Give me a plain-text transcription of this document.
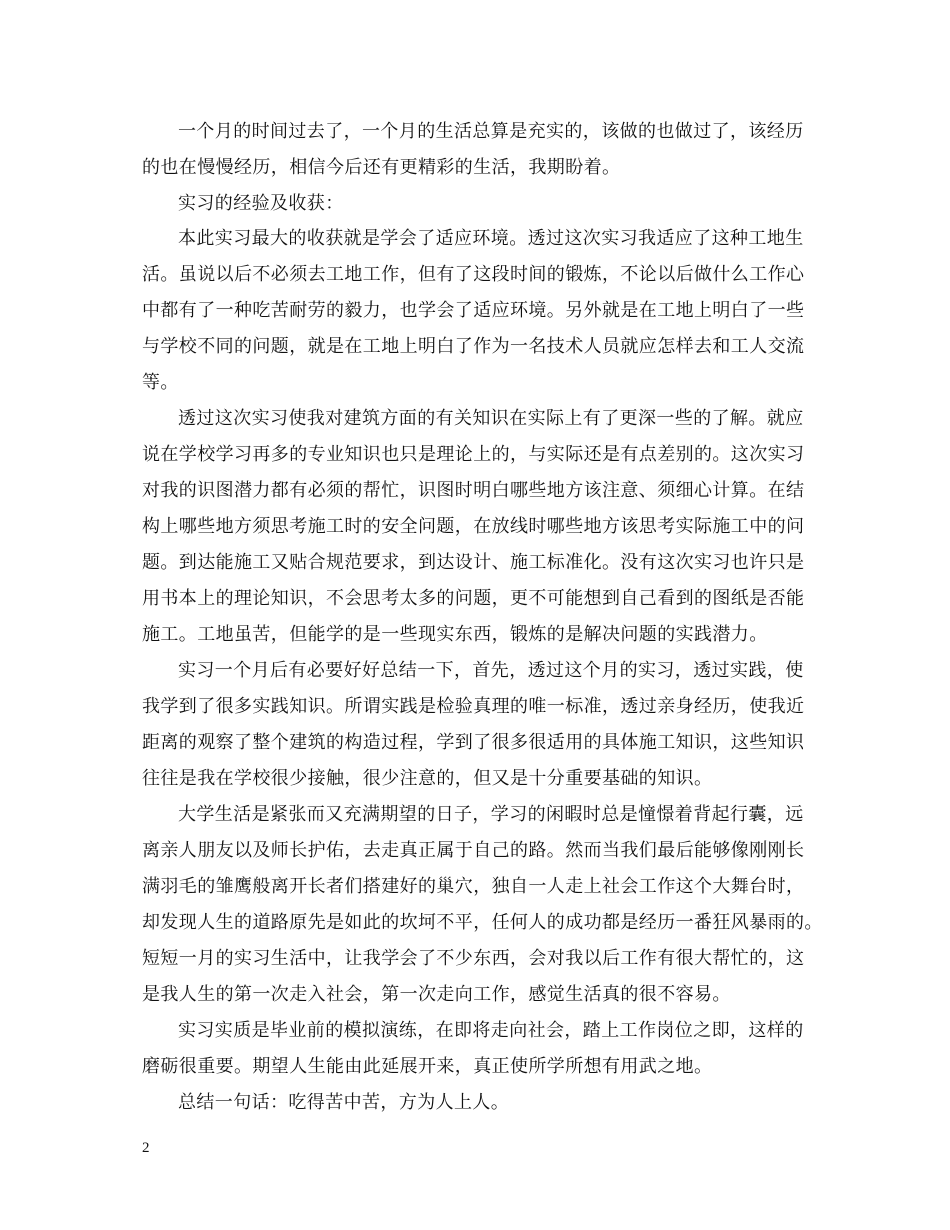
一个月的时间过去了，一个月的生活总算是充实的，该做的也做过了，该经历
的也在慢慢经历，相信今后还有更精彩的生活，我期盼着。
实习的经验及收获：
本此实习最大的收获就是学会了适应环境。透过这次实习我适应了这种工地生
活。虽说以后不必须去工地工作，但有了这段时间的锻炼，不论以后做什么工作心
中都有了一种吃苦耐劳的毅力，也学会了适应环境。另外就是在工地上明白了一些
与学校不同的问题，就是在工地上明白了作为一名技术人员就应怎样去和工人交流
等。
透过这次实习使我对建筑方面的有关知识在实际上有了更深一些的了解。就应
说在学校学习再多的专业知识也只是理论上的，与实际还是有点差别的。这次实习
对我的识图潜力都有必须的帮忙，识图时明白哪些地方该注意、须细心计算。在结
构上哪些地方须思考施工时的安全问题，在放线时哪些地方该思考实际施工中的问
题。到达能施工又贴合规范要求，到达设计、施工标准化。没有这次实习也许只是
用书本上的理论知识，不会思考太多的问题，更不可能想到自己看到的图纸是否能
施工。工地虽苦，但能学的是一些现实东西，锻炼的是解决问题的实践潜力。
实习一个月后有必要好好总结一下，首先，透过这个月的实习，透过实践，使
我学到了很多实践知识。所谓实践是检验真理的唯一标准，透过亲身经历，使我近
距离的观察了整个建筑的构造过程，学到了很多很适用的具体施工知识，这些知识
往往是我在学校很少接触，很少注意的，但又是十分重要基础的知识。
大学生活是紧张而又充满期望的日子，学习的闲暇时总是憧憬着背起行囊，远
离亲人朋友以及师长护佑，去走真正属于自己的路。然而当我们最后能够像刚刚长
满羽毛的雏鹰般离开长者们搭建好的巢穴，独自一人走上社会工作这个大舞台时，
却发现人生的道路原先是如此的坎坷不平，任何人的成功都是经历一番狂风暴雨的。
短短一月的实习生活中，让我学会了不少东西，会对我以后工作有很大帮忙的，这
是我人生的第一次走入社会，第一次走向工作，感觉生活真的很不容易。
实习实质是毕业前的模拟演练，在即将走向社会，踏上工作岗位之即，这样的
磨砺很重要。期望人生能由此延展开来，真正使所学所想有用武之地。
总结一句话：吃得苦中苦，方为人上人。
2
